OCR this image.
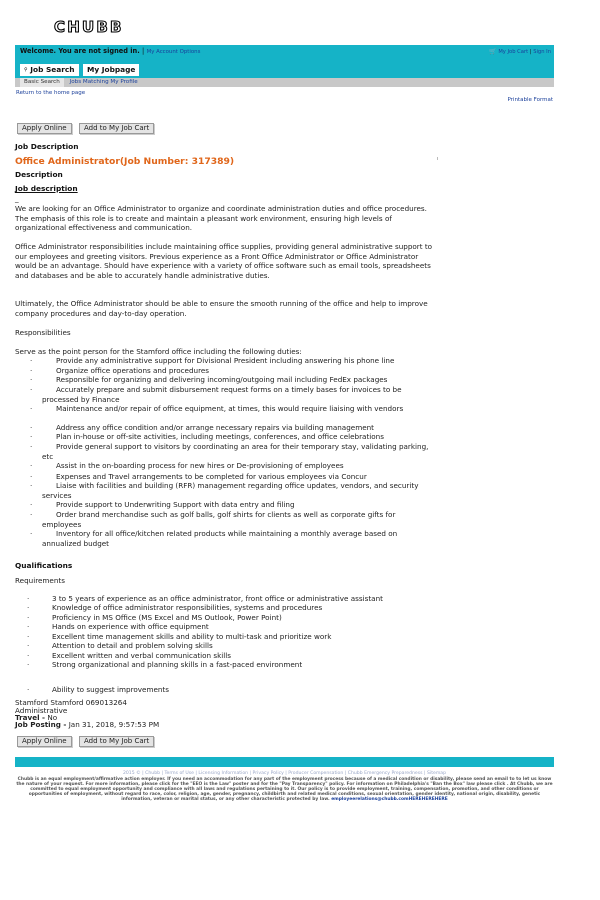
CHUBB
Welcome. You are not signed in. | My Account Options	🛒 My Job Cart | Sign In
⚲ Job Search	My Jobpage
Basic Search Jobs Matching My Profile
Return to the home page
Printable Format
Apply Online	Add to My Job Cart
Job Description
Office Administrator(Job Number: 317389)
Description
Job description
_
We are looking for an Office Administrator to organize and coordinate administration duties and office procedures. The emphasis of this role is to create and maintain a pleasant work environment, ensuring high levels of organizational effectiveness and communication.
Office Administrator responsibilities include maintaining office supplies, providing general administrative support to our employees and greeting visitors. Previous experience as a Front Office Administrator or Office Administrator would be an advantage. Should have experience with a variety of office software such as email tools, spreadsheets and databases and be able to accurately handle administrative duties.
Ultimately, the Office Administrator should be able to ensure the smooth running of the office and help to improve company procedures and day-to-day operation.
Responsibilities
Serve as the point person for the Stamford office including the following duties:
·	Provide any administrative support for Divisional President including answering his phone line
·	Organize office operations and procedures
·	Responsible for organizing and delivering incoming/outgoing mail including FedEx packages
·	Accurately prepare and submit disbursement request forms on a timely bases for invoices to be processed by Finance
·	Maintenance and/or repair of office equipment, at times, this would require liaising with vendors
·	Address any office condition and/or arrange necessary repairs via building management
·	Plan in-house or off-site activities, including meetings, conferences, and office celebrations
·	Provide general support to visitors by coordinating an area for their temporary stay, validating parking, etc
·	Assist in the on-boarding process for new hires or De-provisioning of employees
·	Expenses and Travel arrangements to be completed for various employees via Concur
·	Liaise with facilities and building (RFR) management regarding office updates, vendors, and security services
·	Provide support to Underwriting Support with data entry and filing
·	Order brand merchandise such as golf balls, golf shirts for clients as well as corporate gifts for employees
·	Inventory for all office/kitchen related products while maintaining a monthly average based on annualized budget
Qualifications
Requirements
·	3 to 5 years of experience as an office administrator, front office or administrative assistant
·	Knowledge of office administrator responsibilities, systems and procedures
·	Proficiency in MS Office (MS Excel and MS Outlook, Power Point)
·	Hands on experience with office equipment
·	Excellent time management skills and ability to multi-task and prioritize work
·	Attention to detail and problem solving skills
·	Excellent written and verbal communication skills
·	Strong organizational and planning skills in a fast-paced environment
·	Ability to suggest improvements
Stamford Stamford 069013264
Administrative
Travel - No
Job Posting - Jan 31, 2018, 9:57:53 PM
Apply Online	Add to My Job Cart
2015 © | Chubb | Terms of Use | Licensing Information | Privacy Policy | Producer Compensation | Chubb Emergency Preparedness | Sitemap
Chubb is an equal employment/affirmative action employer. If you need an accommodation for any part of the employment process because of a medical condition or disability, please send an email to to let us know the nature of your request. For more information, please click for the "EEO is the Law" poster and for the "Pay Transparency" policy. For information on Philadelphia's "Ban the Box" law please click . At Chubb, we are committed to equal employment opportunity and compliance with all laws and regulations pertaining to it. Our policy is to provide employment, training, compensation, promotion, and other conditions or opportunities of employment, without regard to race, color, religion, age, gender, pregnancy, childbirth and related medical conditions, sexual orientation, gender identity, national origin, disability, genetic information, veteran or marital status, or any other characteristic protected by law. employeerelations@chubb.comHEREHEREHERE
